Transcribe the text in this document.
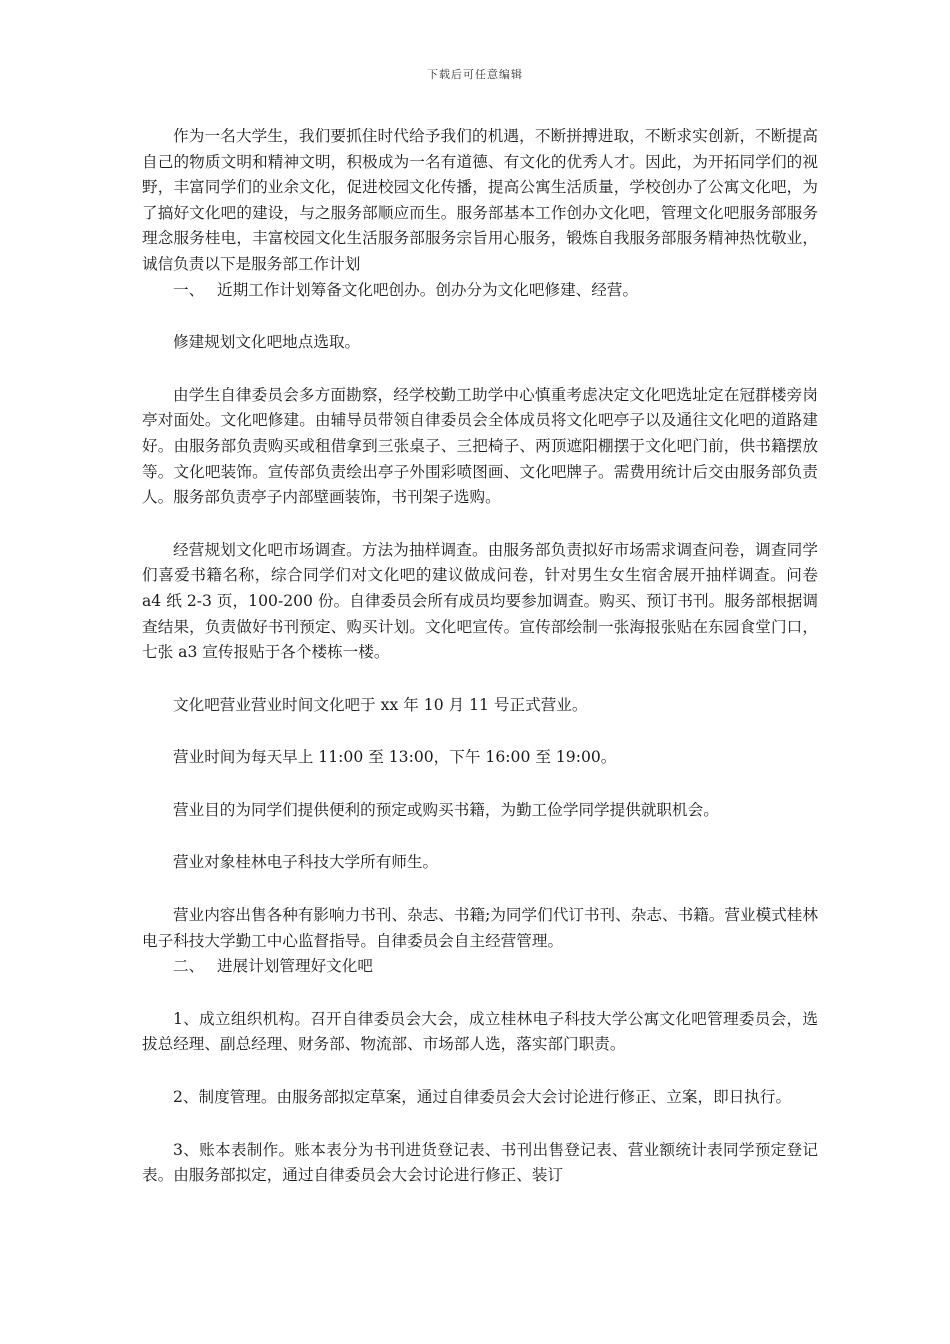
下载后可任意编辑

作为一名大学生，我们要抓住时代给予我们的机遇，不断拼搏进取，不断求实创新，不断提高自己的物质文明和精神文明，积极成为一名有道德、有文化的优秀人才。因此，为开拓同学们的视野，丰富同学们的业余文化，促进校园文化传播，提高公寓生活质量，学校创办了公寓文化吧，为了搞好文化吧的建设，与之服务部顺应而生。服务部基本工作创办文化吧，管理文化吧服务部服务理念服务桂电，丰富校园文化生活服务部服务宗旨用心服务，锻炼自我服务部服务精神热忱敬业，诚信负责以下是服务部工作计划

一、 近期工作计划筹备文化吧创办。创办分为文化吧修建、经营。

修建规划文化吧地点选取。

由学生自律委员会多方面勘察，经学校勤工助学中心慎重考虑决定文化吧选址定在冠群楼旁岗亭对面处。文化吧修建。由辅导员带领自律委员会全体成员将文化吧亭子以及通往文化吧的道路建好。由服务部负责购买或租借拿到三张桌子、三把椅子、两顶遮阳棚摆于文化吧门前，供书籍摆放等。文化吧装饰。宣传部负责绘出亭子外围彩喷图画、文化吧牌子。需费用统计后交由服务部负责人。服务部负责亭子内部壁画装饰，书刊架子选购。

经营规划文化吧市场调查。方法为抽样调查。由服务部负责拟好市场需求调查问卷，调查同学们喜爱书籍名称，综合同学们对文化吧的建议做成问卷，针对男生女生宿舍展开抽样调查。问卷 a4 纸 2-3 页，100-200 份。自律委员会所有成员均要参加调查。购买、预订书刊。服务部根据调查结果，负责做好书刊预定、购买计划。文化吧宣传。宣传部绘制一张海报张贴在东园食堂门口，七张 a3 宣传报贴于各个楼栋一楼。

文化吧营业营业时间文化吧于 xx 年 10 月 11 号正式营业。

营业时间为每天早上 11:00 至 13:00，下午 16:00 至 19:00。

营业目的为同学们提供便利的预定或购买书籍，为勤工俭学同学提供就职机会。

营业对象桂林电子科技大学所有师生。

营业内容出售各种有影响力书刊、杂志、书籍;为同学们代订书刊、杂志、书籍。营业模式桂林电子科技大学勤工中心监督指导。自律委员会自主经营管理。

二、 进展计划管理好文化吧

1、成立组织机构。召开自律委员会大会，成立桂林电子科技大学公寓文化吧管理委员会，选拔总经理、副总经理、财务部、物流部、市场部人选，落实部门职责。

2、制度管理。由服务部拟定草案，通过自律委员会大会讨论进行修正、立案，即日执行。

3、账本表制作。账本表分为书刊进货登记表、书刊出售登记表、营业额统计表同学预定登记表。由服务部拟定，通过自律委员会大会讨论进行修正、装订
